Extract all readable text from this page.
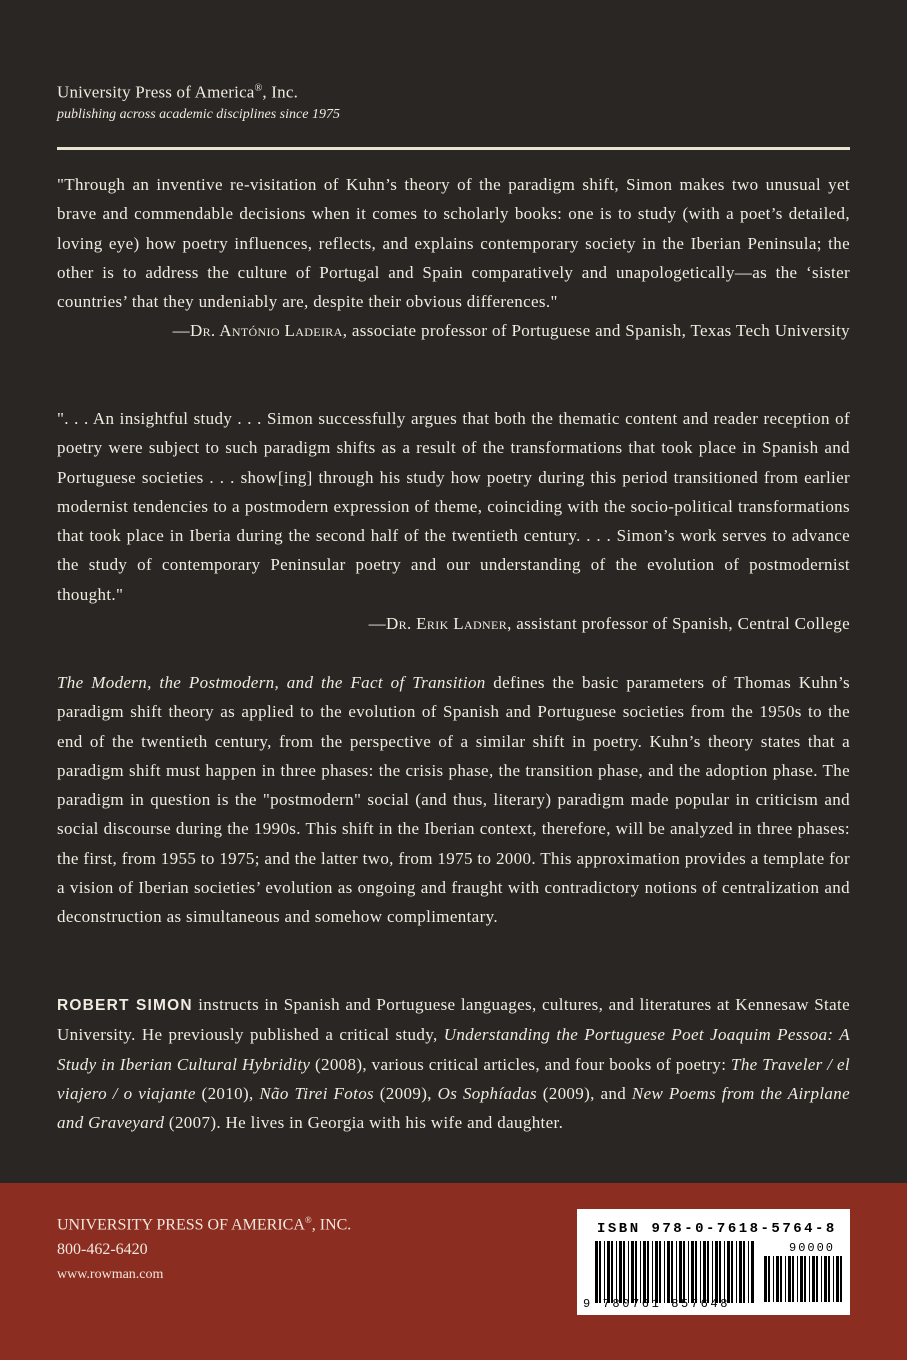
University Press of America®, Inc.

publishing across academic disciplines since 1975

"Through an inventive re-visitation of Kuhn’s theory of the paradigm shift, Simon makes two unusual yet brave and commendable decisions when it comes to scholarly books: one is to study (with a poet’s detailed, loving eye) how poetry influences, reflects, and explains contemporary society in the Iberian Peninsula; the other is to address the culture of Portugal and Spain comparatively and unapologetically—as the ‘sister countries’ that they undeniably are, despite their obvious differences."

—Dr. António Ladeira, associate professor of Portuguese and Spanish, Texas Tech University

". . . An insightful study . . . Simon successfully argues that both the thematic content and reader reception of poetry were subject to such paradigm shifts as a result of the transformations that took place in Spanish and Portuguese societies . . . show[ing] through his study how poetry during this period transitioned from earlier modernist tendencies to a postmodern expression of theme, coinciding with the socio-political transformations that took place in Iberia during the second half of the twentieth century. . . . Simon’s work serves to advance the study of contemporary Peninsular poetry and our understanding of the evolution of postmodernist thought."

—Dr. Erik Ladner, assistant professor of Spanish, Central College

The Modern, the Postmodern, and the Fact of Transition defines the basic parameters of Thomas Kuhn’s paradigm shift theory as applied to the evolution of Spanish and Portuguese societies from the 1950s to the end of the twentieth century, from the perspective of a similar shift in poetry. Kuhn’s theory states that a paradigm shift must happen in three phases: the crisis phase, the transition phase, and the adoption phase. The paradigm in question is the "postmodern" social (and thus, literary) paradigm made popular in criticism and social discourse during the 1990s. This shift in the Iberian context, therefore, will be analyzed in three phases: the first, from 1955 to 1975; and the latter two, from 1975 to 2000. This approximation provides a template for a vision of Iberian societies’ evolution as ongoing and fraught with contradictory notions of centralization and deconstruction as simultaneous and somehow complimentary.

ROBERT SIMON instructs in Spanish and Portuguese languages, cultures, and literatures at Kennesaw State University. He previously published a critical study, Understanding the Portuguese Poet Joaquim Pessoa: A Study in Iberian Cultural Hybridity (2008), various critical articles, and four books of poetry: The Traveler / el viajero / o viajante (2010), Não Tirei Fotos (2009), Os Sophíadas (2009), and New Poems from the Airplane and Graveyard (2007). He lives in Georgia with his wife and daughter.

UNIVERSITY PRESS OF AMERICA®, INC.
800-462-6420
www.rowman.com
ISBN 978-0-7618-5764-8
90000
9 780761 857648
